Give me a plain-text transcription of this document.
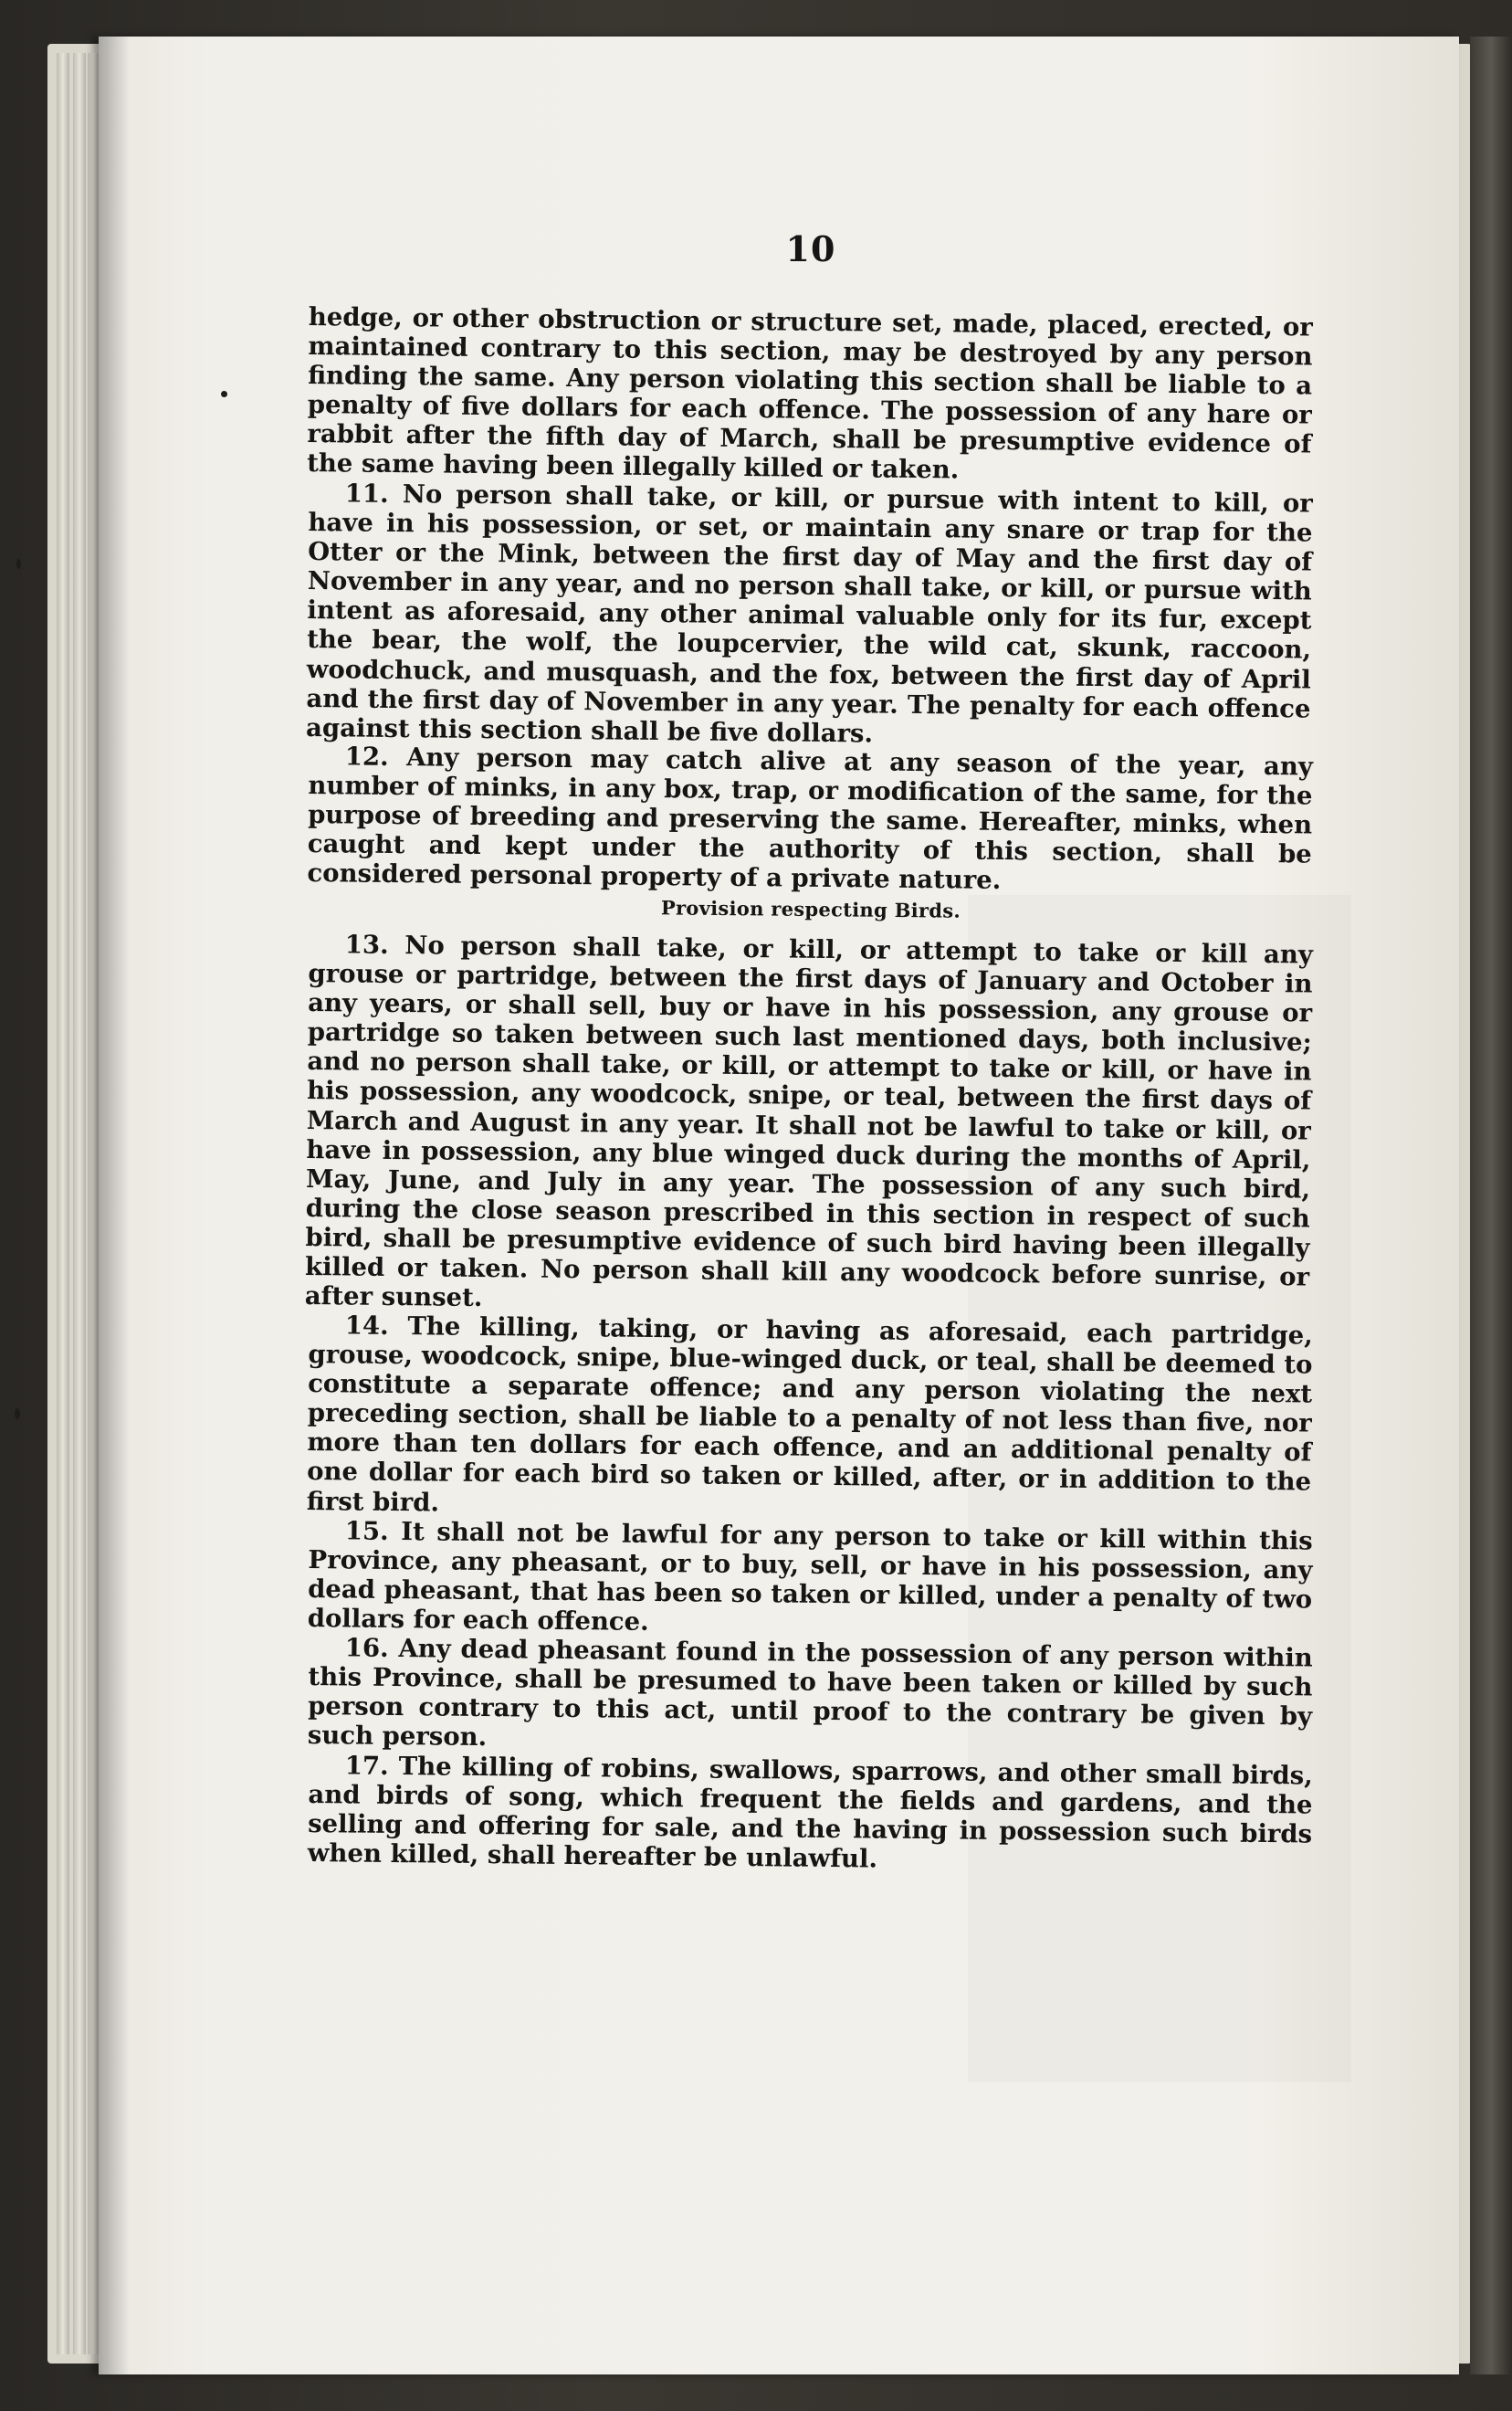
10

hedge, or other obstruction or structure set, made, placed, erected, or maintained contrary to this section, may be destroyed by any person finding the same. Any person violating this section shall be liable to a penalty of five dollars for each offence. The possession of any hare or rabbit after the fifth day of March, shall be presumptive evidence of the same having been illegally killed or taken.

11. No person shall take, or kill, or pursue with intent to kill, or have in his possession, or set, or maintain any snare or trap for the Otter or the Mink, between the first day of May and the first day of November in any year, and no person shall take, or kill, or pursue with intent as aforesaid, any other animal valuable only for its fur, except the bear, the wolf, the loupcervier, the wild cat, skunk, raccoon, woodchuck, and musquash, and the fox, between the first day of April and the first day of November in any year. The penalty for each offence against this section shall be five dollars.

12. Any person may catch alive at any season of the year, any number of minks, in any box, trap, or modification of the same, for the purpose of breeding and preserving the same. Hereafter, minks, when caught and kept under the authority of this section, shall be considered personal property of a private nature.

Provision respecting Birds.

13. No person shall take, or kill, or attempt to take or kill any grouse or partridge, between the first days of January and October in any years, or shall sell, buy or have in his possession, any grouse or partridge so taken between such last mentioned days, both inclusive; and no person shall take, or kill, or attempt to take or kill, or have in his possession, any woodcock, snipe, or teal, between the first days of March and August in any year. It shall not be lawful to take or kill, or have in possession, any blue winged duck during the months of April, May, June, and July in any year. The possession of any such bird, during the close season prescribed in this section in respect of such bird, shall be presumptive evidence of such bird having been illegally killed or taken. No person shall kill any woodcock before sunrise, or after sunset.

14. The killing, taking, or having as aforesaid, each partridge, grouse, woodcock, snipe, blue-winged duck, or teal, shall be deemed to constitute a separate offence; and any person violating the next preceding section, shall be liable to a penalty of not less than five, nor more than ten dollars for each offence, and an additional penalty of one dollar for each bird so taken or killed, after, or in addition to the first bird.

15. It shall not be lawful for any person to take or kill within this Province, any pheasant, or to buy, sell, or have in his possession, any dead pheasant, that has been so taken or killed, under a penalty of two dollars for each offence.

16. Any dead pheasant found in the possession of any person within this Province, shall be presumed to have been taken or killed by such person contrary to this act, until proof to the contrary be given by such person.

17. The killing of robins, swallows, sparrows, and other small birds, and birds of song, which frequent the fields and gardens, and the selling and offering for sale, and the having in possession such birds when killed, shall hereafter be unlawful.
